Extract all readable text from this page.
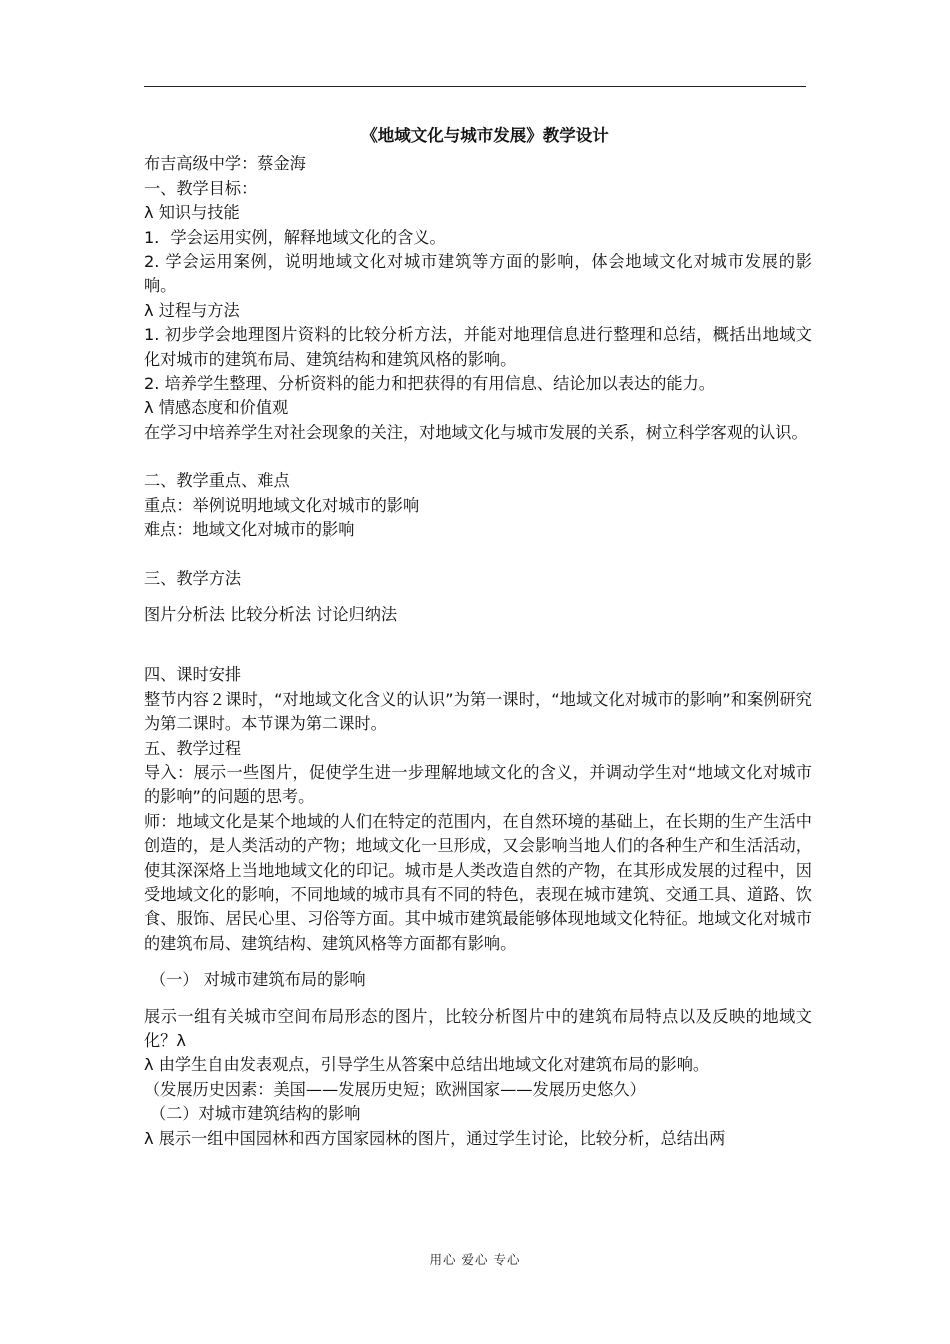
《地域文化与城市发展》教学设计

布吉高级中学：蔡金海

一、教学目标：

λ 知识与技能

1．学会运用实例，解释地域文化的含义。

2. 学会运用案例，说明地域文化对城市建筑等方面的影响，体会地域文化对城市发展的影响。

λ 过程与方法

1. 初步学会地理图片资料的比较分析方法，并能对地理信息进行整理和总结，概括出地域文化对城市的建筑布局、建筑结构和建筑风格的影响。

2. 培养学生整理、分析资料的能力和把获得的有用信息、结论加以表达的能力。

λ 情感态度和价值观

在学习中培养学生对社会现象的关注，对地域文化与城市发展的关系，树立科学客观的认识。

二、教学重点、难点

重点：举例说明地域文化对城市的影响

难点：地域文化对城市的影响

三、教学方法

图片分析法 比较分析法 讨论归纳法

四、课时安排

整节内容２课时，“对地域文化含义的认识”为第一课时，“地域文化对城市的影响”和案例研究为第二课时。本节课为第二课时。

五、教学过程

导入：展示一些图片，促使学生进一步理解地域文化的含义，并调动学生对“地域文化对城市的影响”的问题的思考。

师：地域文化是某个地域的人们在特定的范围内，在自然环境的基础上，在长期的生产生活中创造的，是人类活动的产物；地域文化一旦形成，又会影响当地人们的各种生产和生活活动，使其深深烙上当地地域文化的印记。城市是人类改造自然的产物，在其形成发展的过程中，因受地域文化的影响，不同地域的城市具有不同的特色，表现在城市建筑、交通工具、道路、饮食、服饰、居民心里、习俗等方面。其中城市建筑最能够体现地域文化特征。地域文化对城市的建筑布局、建筑结构、建筑风格等方面都有影响。

（一） 对城市建筑布局的影响

展示一组有关城市空间布局形态的图片，比较分析图片中的建筑布局特点以及反映的地域文化？λ

λ 由学生自由发表观点，引导学生从答案中总结出地域文化对建筑布局的影响。

（发展历史因素：美国——发展历史短；欧洲国家——发展历史悠久）

（二）对城市建筑结构的影响

λ 展示一组中国园林和西方国家园林的图片，通过学生讨论，比较分析，总结出两

用心 爱心 专心
